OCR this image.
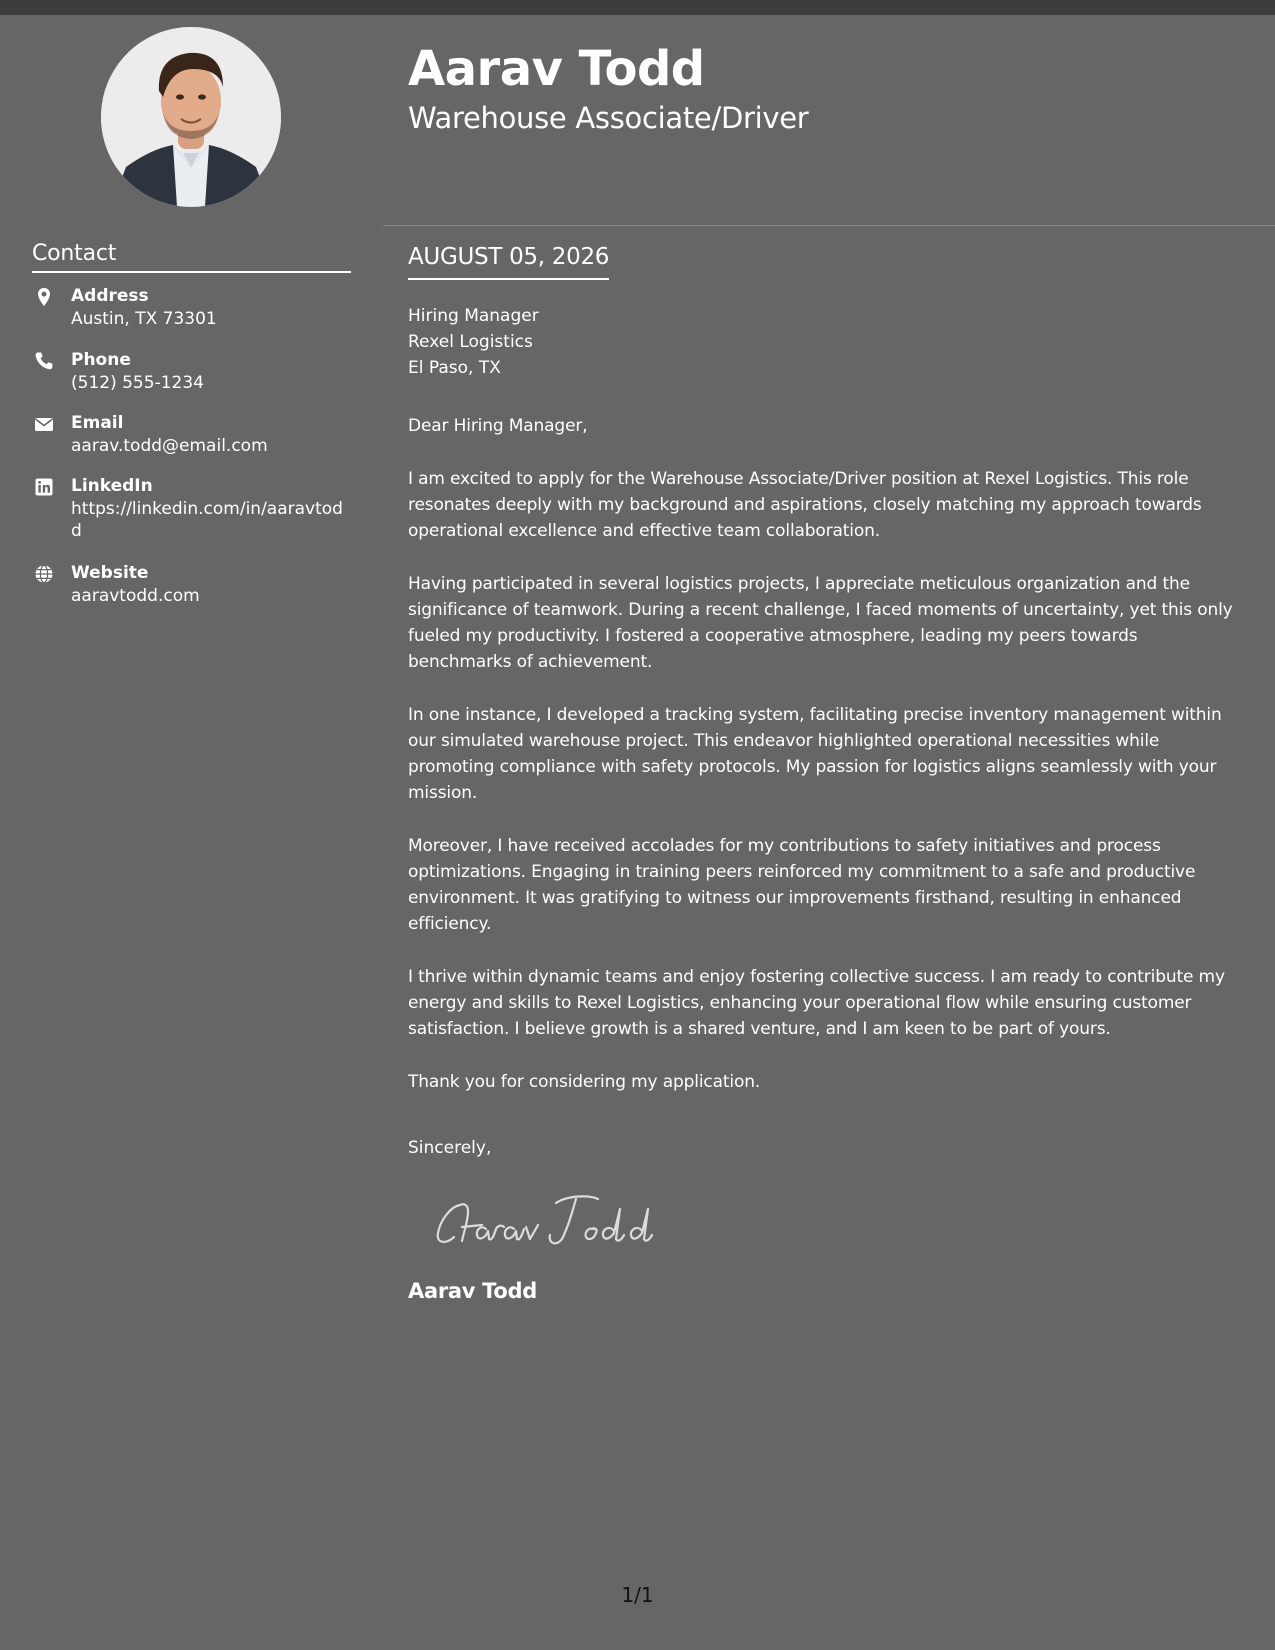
Aarav Todd
Warehouse Associate/Driver
Contact
Address
Austin, TX 73301
Phone
(512) 555-1234
Email
aarav.todd@email.com
LinkedIn
https://linkedin.com/in/aaravtodd
Website
aaravtodd.com
AUGUST 05, 2026
Hiring Manager
Rexel Logistics
El Paso, TX

Dear Hiring Manager,

I am excited to apply for the Warehouse Associate/Driver position at Rexel Logistics. This role resonates deeply with my background and aspirations, closely matching my approach towards operational excellence and effective team collaboration.

Having participated in several logistics projects, I appreciate meticulous organization and the significance of teamwork. During a recent challenge, I faced moments of uncertainty, yet this only fueled my productivity. I fostered a cooperative atmosphere, leading my peers towards benchmarks of achievement.

In one instance, I developed a tracking system, facilitating precise inventory management within our simulated warehouse project. This endeavor highlighted operational necessities while promoting compliance with safety protocols. My passion for logistics aligns seamlessly with your mission.

Moreover, I have received accolades for my contributions to safety initiatives and process optimizations. Engaging in training peers reinforced my commitment to a safe and productive environment. It was gratifying to witness our improvements firsthand, resulting in enhanced efficiency.

I thrive within dynamic teams and enjoy fostering collective success. I am ready to contribute my energy and skills to Rexel Logistics, enhancing your operational flow while ensuring customer satisfaction. I believe growth is a shared venture, and I am keen to be part of yours.

Thank you for considering my application.

Sincerely,
Aarav Todd
1/1
